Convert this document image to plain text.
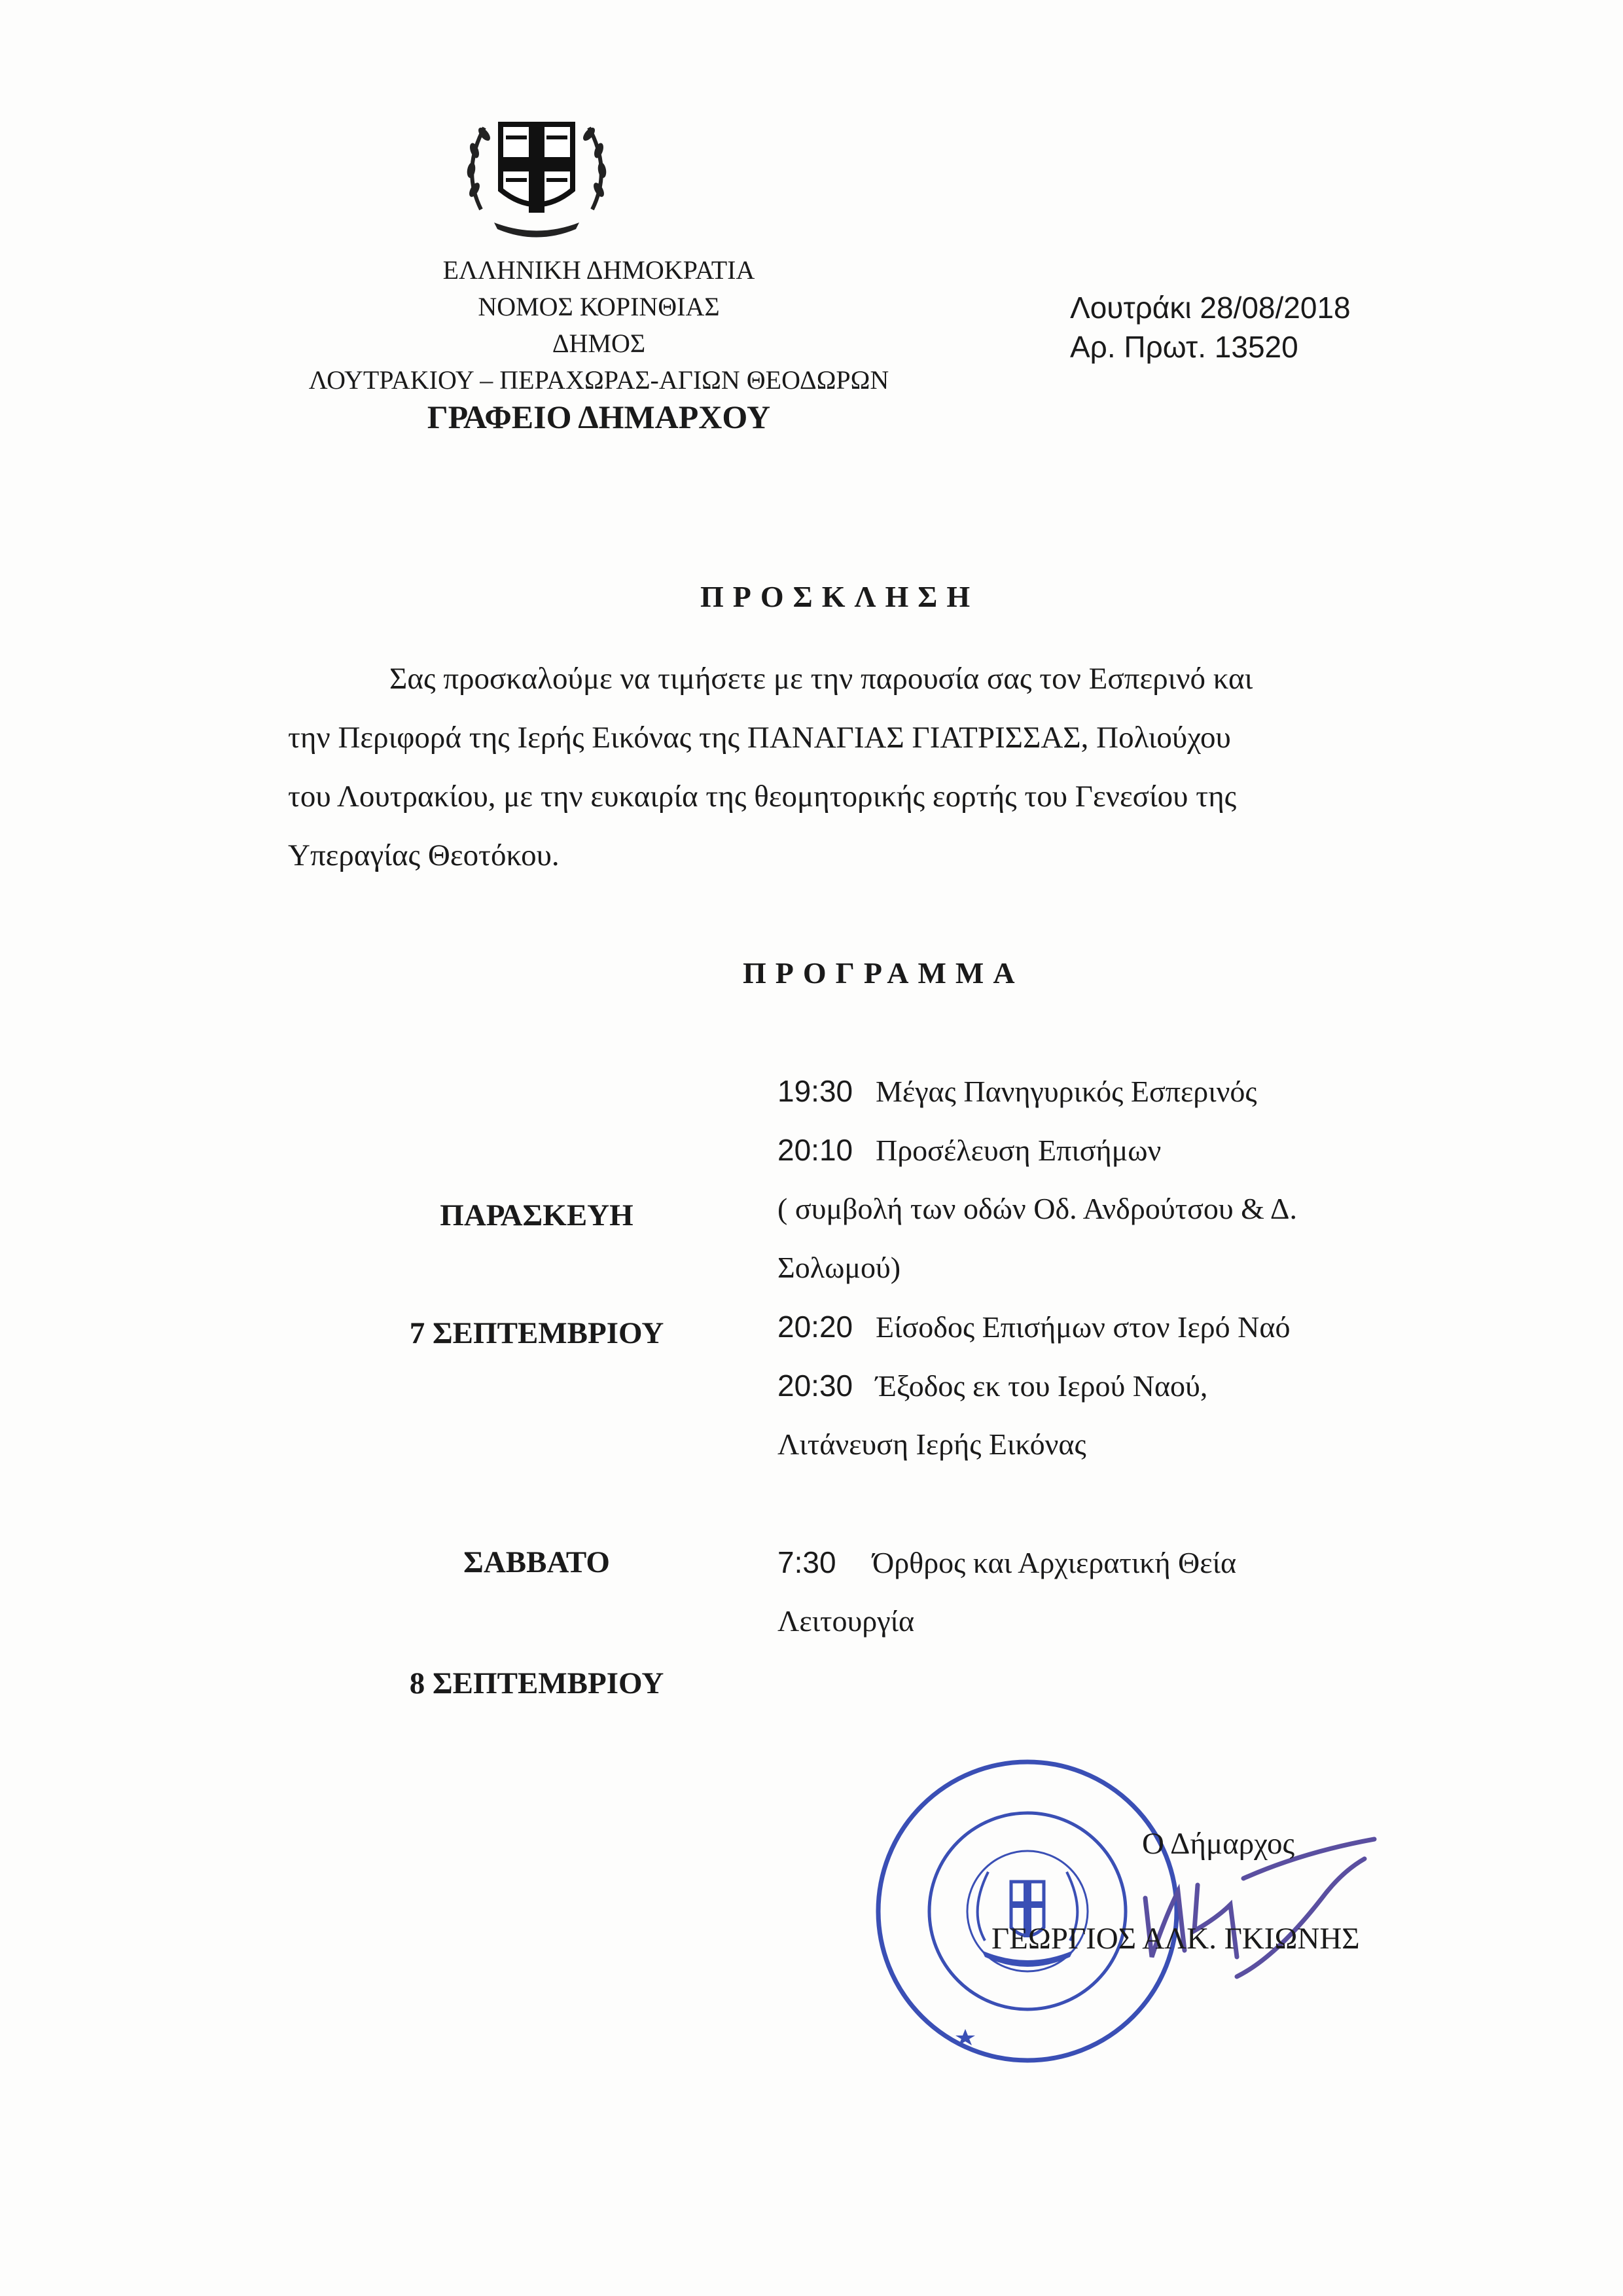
ΕΛΛΗΝΙΚΗ ΔΗΜΟΚΡΑΤΙΑ
ΝΟΜΟΣ ΚΟΡΙΝΘΙΑΣ
ΔΗΜΟΣ
ΛΟΥΤΡΑΚΙΟΥ – ΠΕΡΑΧΩΡΑΣ-ΑΓΙΩΝ ΘΕΟΔΩΡΩΝ
ΓΡΑΦΕΙΟ ΔΗΜΑΡΧΟΥ
Λουτράκι 28/08/2018
Αρ. Πρωτ. 13520
ΠΡΟΣΚΛΗΣΗ
Σας προσκαλούμε να τιμήσετε με την παρουσία σας τον Εσπερινό και
την Περιφορά της Ιερής Εικόνας της ΠΑΝΑΓΙΑΣ ΓΙΑΤΡΙΣΣΑΣ, Πολιούχου
του Λουτρακίου, με την ευκαιρία της θεομητορικής εορτής του Γενεσίου της
Υπεραγίας Θεοτόκου.
ΠΡΟΓΡΑΜΜΑ
ΠΑΡΑΣΚΕΥΗ
7 ΣΕΠΤΕΜΒΡΙΟΥ
19:30 Μέγας Πανηγυρικός Εσπερινός
20:10 Προσέλευση Επισήμων
( συμβολή των οδών Οδ. Ανδρούτσου & Δ.
Σολωμού)
20:20 Είσοδος Επισήμων στον Ιερό Ναό
20:30 Έξοδος εκ του Ιερού Ναού,
Λιτάνευση Ιερής Εικόνας
ΣΑΒΒΑΤΟ
8 ΣΕΠΤΕΜΒΡΙΟΥ
7:30 Όρθρος και Αρχιερατική Θεία
Λειτουργία
Ο Δήμαρχος
ΓΕΩΡΓΙΟΣ ΑΛΚ. ΓΚΙΩΝΗΣ
